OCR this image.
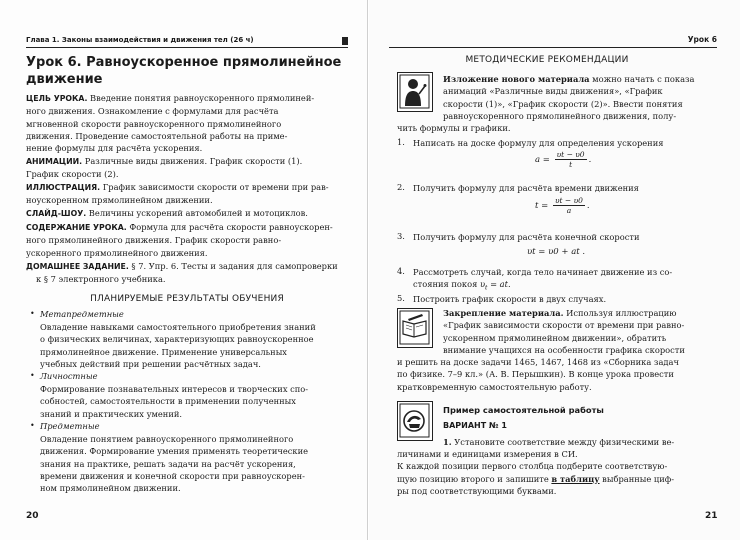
Глава 1. Законы взаимодействия и движения тел (26 ч)
Урок 6. Равноускоренное прямолинейное
движение
ЦЕЛЬ УРОКА. Введение понятия равноускоренного прямолиней-
ного движения. Ознакомление с формулами для расчёта
мгновенной скорости равноускоренного прямолинейного
движения. Проведение самостоятельной работы на приме-
нение формулы для расчёта ускорения.
АНИМАЦИИ. Различные виды движения. График скорости (1).
График скорости (2).
ИЛЛЮСТРАЦИЯ. График зависимости скорости от времени при рав-
ноускоренном прямолинейном движении.
СЛАЙД-ШОУ. Величины ускорений автомобилей и мотоциклов.
СОДЕРЖАНИЕ УРОКА. Формула для расчёта скорости равноускорен-
ного прямолинейного движения. График скорости равно-
ускоренного прямолинейного движения.
ДОМАШНЕЕ ЗАДАНИЕ. § 7. Упр. 6. Тесты и задания для самопроверки
к § 7 электронного учебника.
ПЛАНИРУЕМЫЕ РЕЗУЛЬТАТЫ ОБУЧЕНИЯ
• Метапредметные
Овладение навыками самостоятельного приобретения знаний
о физических величинах, характеризующих равноускоренное
прямолинейное движение. Применение универсальных
учебных действий при решении расчётных задач.
• Личностные
Формирование познавательных интересов и творческих спо-
собностей, самостоятельности в применении полученных
знаний и практических умений.
• Предметные
Овладение понятием равноускоренного прямолинейного
движения. Формирование умения применять теоретические
знания на практике, решать задачи на расчёт ускорения,
времени движения и конечной скорости при равноускорен-
ном прямолинейном движении.
20
Урок 6
МЕТОДИЧЕСКИЕ РЕКОМЕНДАЦИИ
Изложение нового материала можно начать с показа
анимаций «Различные виды движения», «График
скорости (1)», «График скорости (2)». Ввести понятия
равноускоренного прямолинейного движения, полу-
чить формулы и графики.
1. Написать на доске формулу для определения ускорения
$a = \frac{\upsilon t - \upsilon 0}{t}$ .
2. Получить формулу для расчёта времени движения
$t = \frac{\upsilon t - \upsilon 0}{a}$ .
3. Получить формулу для расчёта конечной скорости
υt = υ0 + at .
4. Рассмотреть случай, когда тело начинает движение из со-
стояния покоя $\upsilon_t$ = at.
5. Построить график скорости в двух случаях.
Закрепление материала. Используя иллюстрацию
«График зависимости скорости от времени при равно-
ускоренном прямолинейном движении», обратить
внимание учащихся на особенности графика скорости
и решить на доске задачи 1465, 1467, 1468 из «Сборника задач
по физике. 7–9 кл.» (А. В. Перышкин). В конце урока провести
кратковременную самостоятельную работу.
Пример самостоятельной работы
ВАРИАНТ № 1
1. Установите соответствие между физическими ве-
личинами и единицами измерения в СИ.
К каждой позиции первого столбца подберите соответствую-
щую позицию второго и запишите в таблицу выбранные циф-
ры под соответствующими буквами.
21
